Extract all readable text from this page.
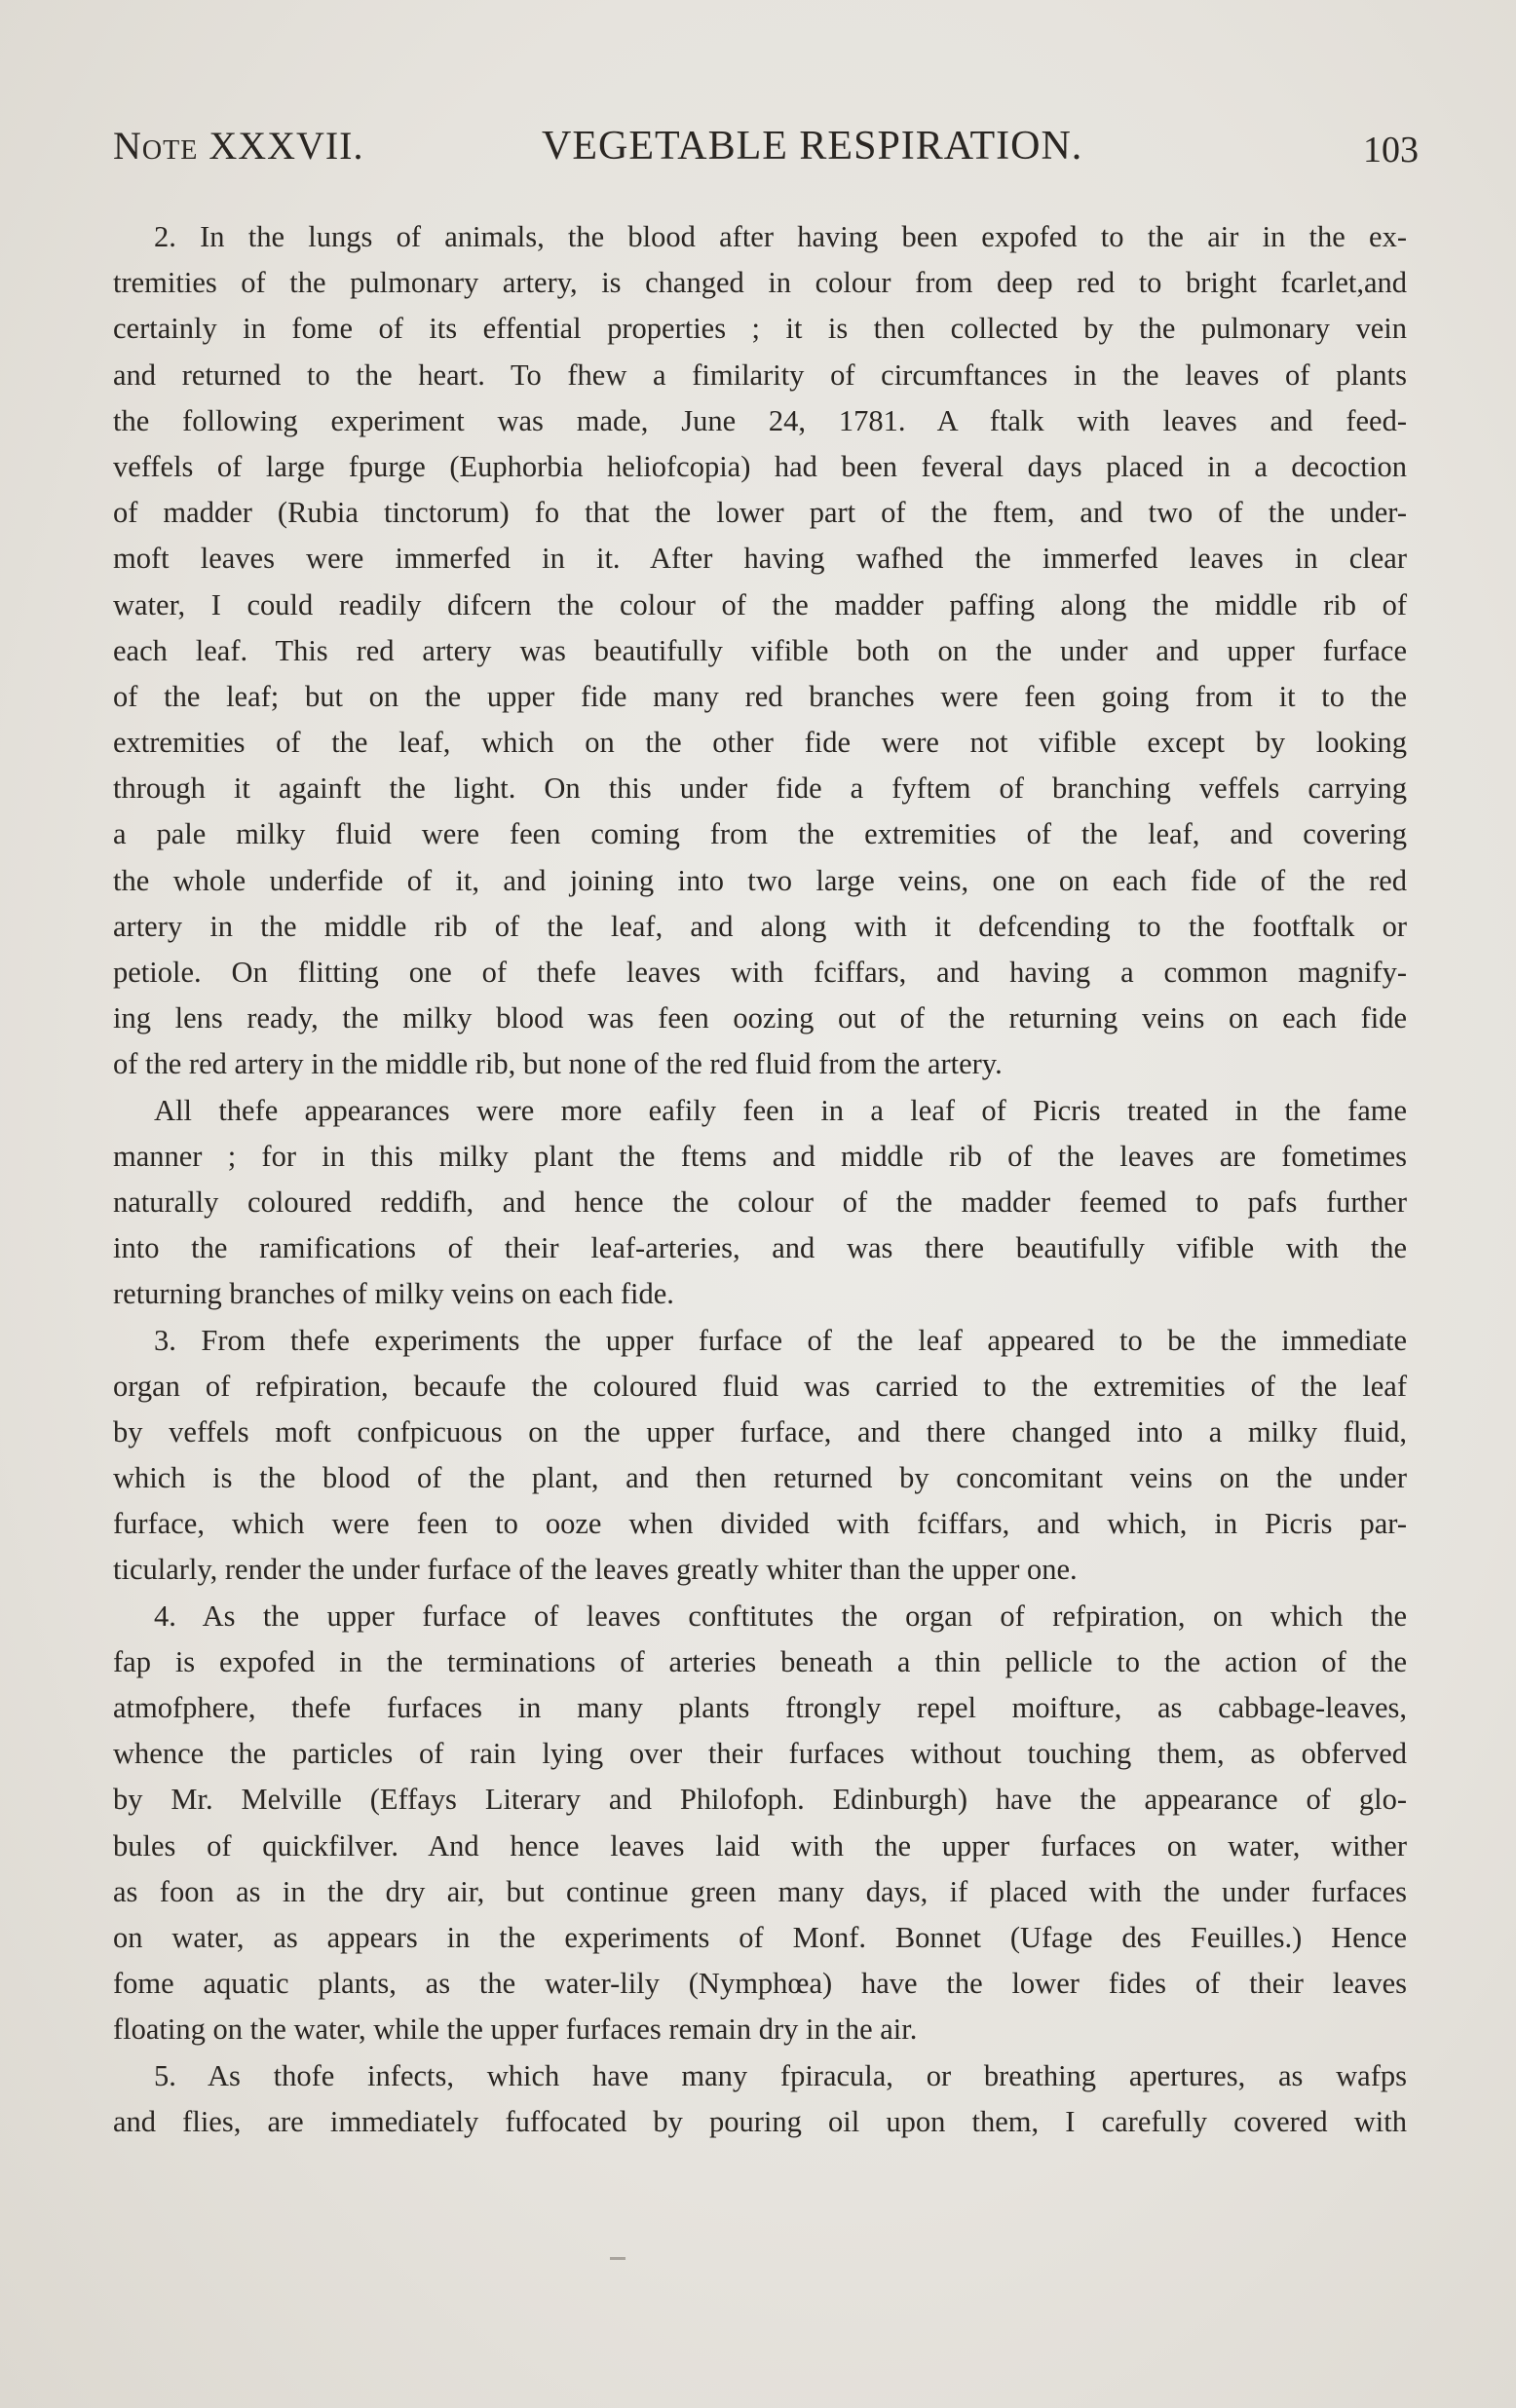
Note XXXVII.	VEGETABLE RESPIRATION.	103
2. In the lungs of animals, the blood after having been expofed to the air in the ex-
tremities of the pulmonary artery, is changed in colour from deep red to bright fcarlet,and
certainly in fome of its effential properties ; it is then collected by the pulmonary vein
and returned to the heart. To fhew a fimilarity of circumftances in the leaves of plants
the following experiment was made, June 24, 1781. A ftalk with leaves and feed-
veffels of large fpurge (Euphorbia heliofcopia) had been feveral days placed in a decoction
of madder (Rubia tinctorum) fo that the lower part of the ftem, and two of the under-
moft leaves were immerfed in it. After having wafhed the immerfed leaves in clear
water, I could readily difcern the colour of the madder paffing along the middle rib of
each leaf. This red artery was beautifully vifible both on the under and upper furface
of the leaf; but on the upper fide many red branches were feen going from it to the
extremities of the leaf, which on the other fide were not vifible except by looking
through it againft the light. On this under fide a fyftem of branching veffels carrying
a pale milky fluid were feen coming from the extremities of the leaf, and covering
the whole underfide of it, and joining into two large veins, one on each fide of the red
artery in the middle rib of the leaf, and along with it defcending to the footftalk or
petiole. On flitting one of thefe leaves with fciffars, and having a common magnify-
ing lens ready, the milky blood was feen oozing out of the returning veins on each fide
of the red artery in the middle rib, but none of the red fluid from the artery.
All thefe appearances were more eafily feen in a leaf of Picris treated in the fame
manner ; for in this milky plant the ftems and middle rib of the leaves are fometimes
naturally coloured reddifh, and hence the colour of the madder feemed to pafs further
into the ramifications of their leaf-arteries, and was there beautifully vifible with the
returning branches of milky veins on each fide.
3. From thefe experiments the upper furface of the leaf appeared to be the immediate
organ of refpiration, becaufe the coloured fluid was carried to the extremities of the leaf
by veffels moft confpicuous on the upper furface, and there changed into a milky fluid,
which is the blood of the plant, and then returned by concomitant veins on the under
furface, which were feen to ooze when divided with fciffars, and which, in Picris par-
ticularly, render the under furface of the leaves greatly whiter than the upper one.
4. As the upper furface of leaves conftitutes the organ of refpiration, on which the
fap is expofed in the terminations of arteries beneath a thin pellicle to the action of the
atmofphere, thefe furfaces in many plants ftrongly repel moifture, as cabbage-leaves,
whence the particles of rain lying over their furfaces without touching them, as obferved
by Mr. Melville (Effays Literary and Philofoph. Edinburgh) have the appearance of glo-
bules of quickfilver. And hence leaves laid with the upper furfaces on water, wither
as foon as in the dry air, but continue green many days, if placed with the under furfaces
on water, as appears in the experiments of Monf. Bonnet (Ufage des Feuilles.) Hence
fome aquatic plants, as the water-lily (Nymphœa) have the lower fides of their leaves
floating on the water, while the upper furfaces remain dry in the air.
5. As thofe infects, which have many fpiracula, or breathing apertures, as wafps
and flies, are immediately fuffocated by pouring oil upon them, I carefully covered with
